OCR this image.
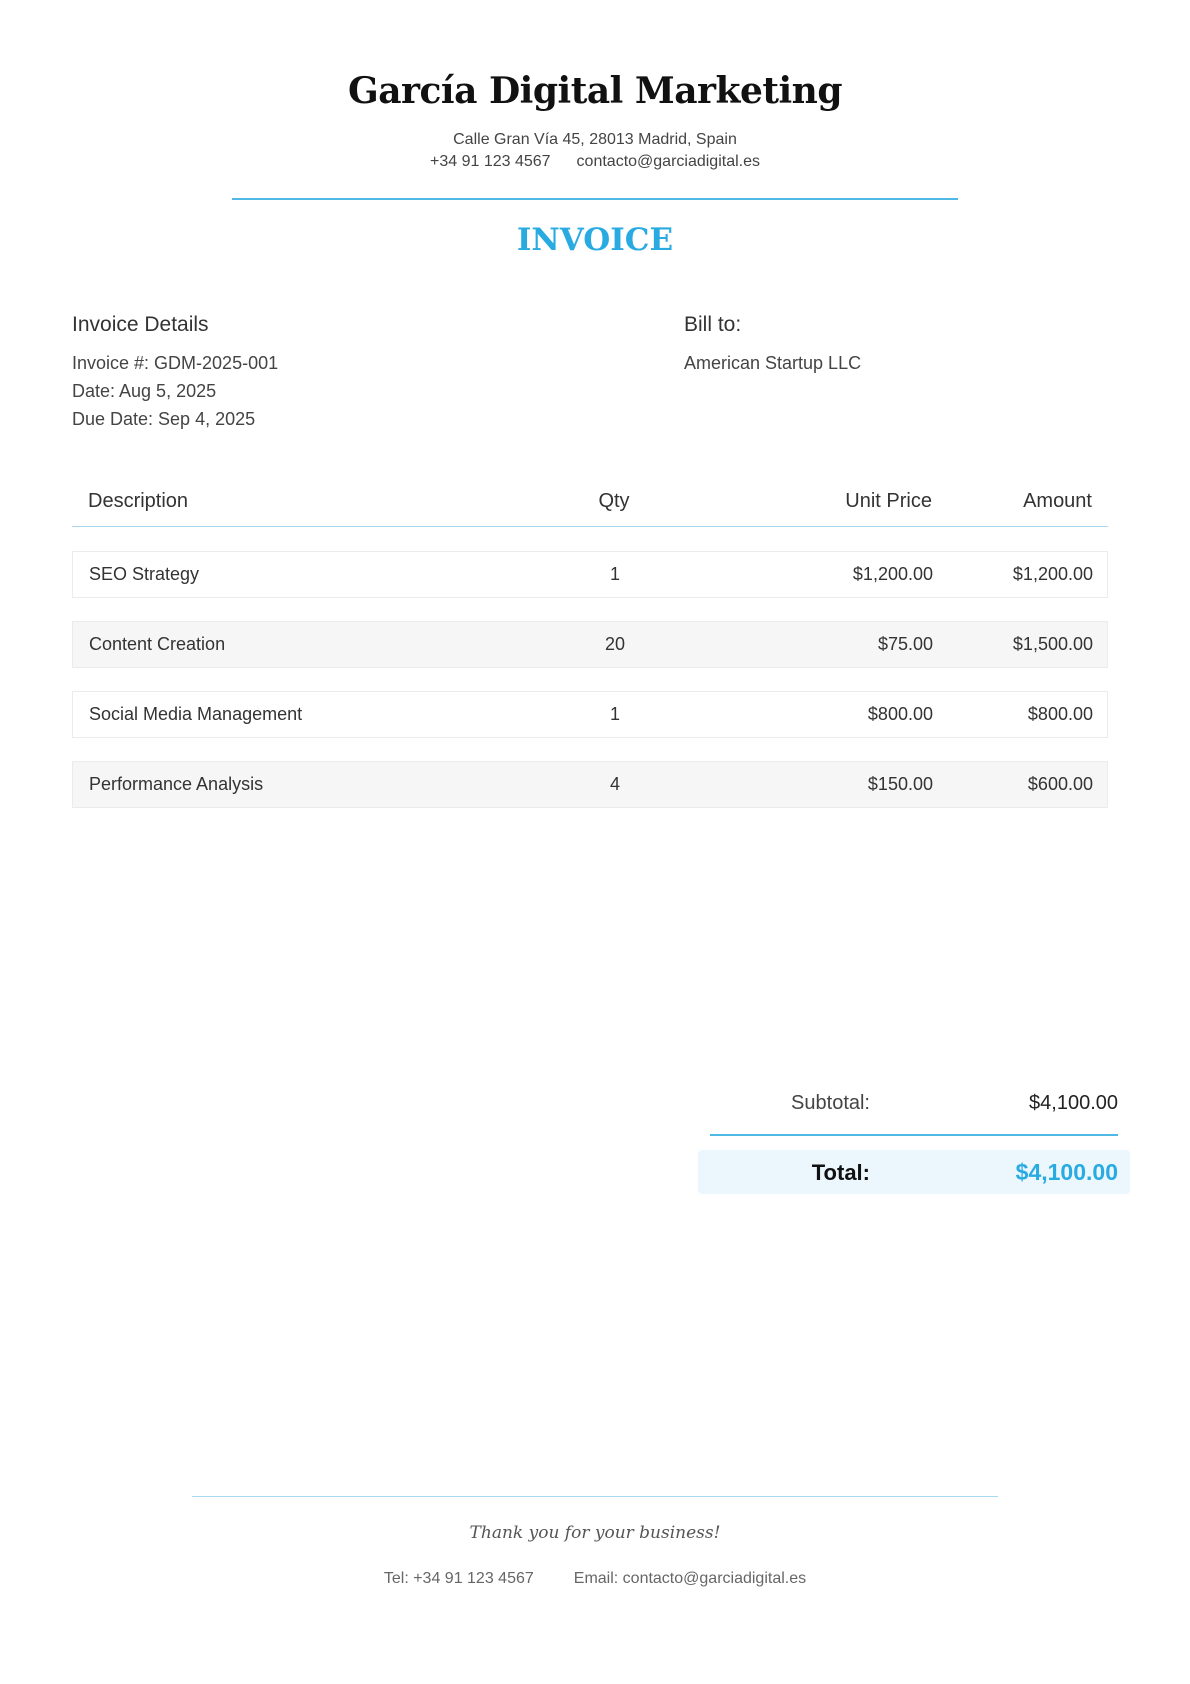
García Digital Marketing
Calle Gran Vía 45, 28013 Madrid, Spain
+34 91 123 4567 contacto@garciadigital.es
INVOICE
Invoice Details
Invoice #: GDM-2025-001
Date: Aug 5, 2025
Due Date: Sep 4, 2025
Bill to:
American Startup LLC
Description	Qty	Unit Price	Amount
SEO Strategy	1	$1,200.00	$1,200.00
Content Creation	20	$75.00	$1,500.00
Social Media Management	1	$800.00	$800.00
Performance Analysis	4	$150.00	$600.00
Subtotal:	$4,100.00
Total:	$4,100.00
Thank you for your business!
Tel: +34 91 123 4567	Email: contacto@garciadigital.es
